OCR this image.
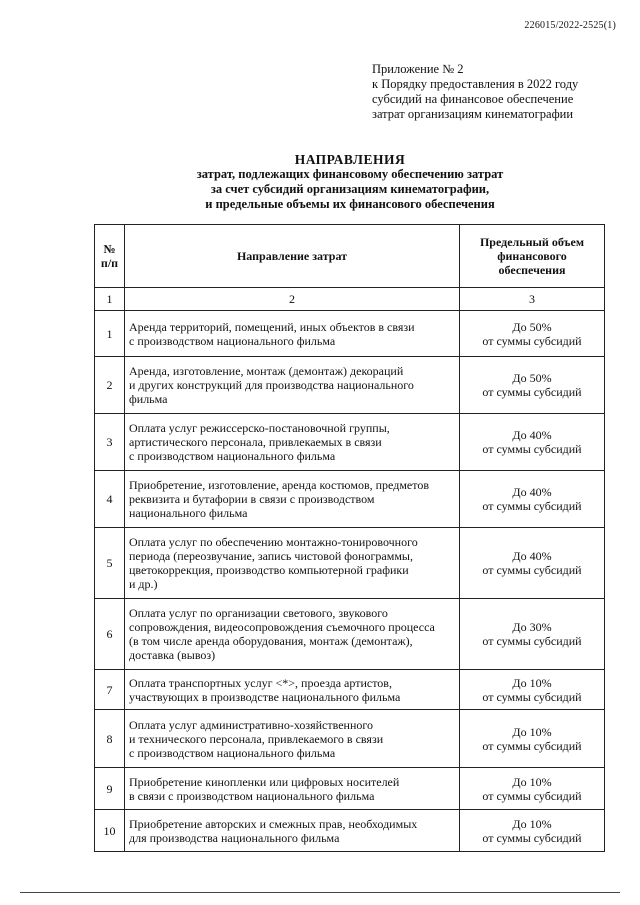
226015/2022-2525(1)
Приложение № 2
к Порядку предоставления в 2022 году
субсидий на финансовое обеспечение
затрат организациям кинематографии
НАПРАВЛЕНИЯ
затрат, подлежащих финансовому обеспечению затрат
за счет субсидий организациям кинематографии,
и предельные объемы их финансового обеспечения
№
п/п	Направление затрат	Предельный объем
финансового
обеспечения
1	2	3
1	Аренда территорий, помещений, иных объектов в связи
с производством национального фильма	До 50%
от суммы субсидий
2	Аренда, изготовление, монтаж (демонтаж) декораций
и других конструкций для производства национального
фильма	До 50%
от суммы субсидий
3	Оплата услуг режиссерско-постановочной группы,
артистического персонала, привлекаемых в связи
с производством национального фильма	До 40%
от суммы субсидий
4	Приобретение, изготовление, аренда костюмов, предметов
реквизита и бутафории в связи с производством
национального фильма	До 40%
от суммы субсидий
5	Оплата услуг по обеспечению монтажно-тонировочного
периода (переозвучание, запись чистовой фонограммы,
цветокоррекция, производство компьютерной графики
и др.)	До 40%
от суммы субсидий
6	Оплата услуг по организации светового, звукового
сопровождения, видеосопровождения съемочного процесса
(в том числе аренда оборудования, монтаж (демонтаж),
доставка (вывоз)	До 30%
от суммы субсидий
7	Оплата транспортных услуг <*>, проезда артистов,
участвующих в производстве национального фильма	До 10%
от суммы субсидий
8	Оплата услуг административно-хозяйственного
и технического персонала, привлекаемого в связи
с производством национального фильма	До 10%
от суммы субсидий
9	Приобретение кинопленки или цифровых носителей
в связи с производством национального фильма	До 10%
от суммы субсидий
10	Приобретение авторских и смежных прав, необходимых
для производства национального фильма	До 10%
от суммы субсидий
